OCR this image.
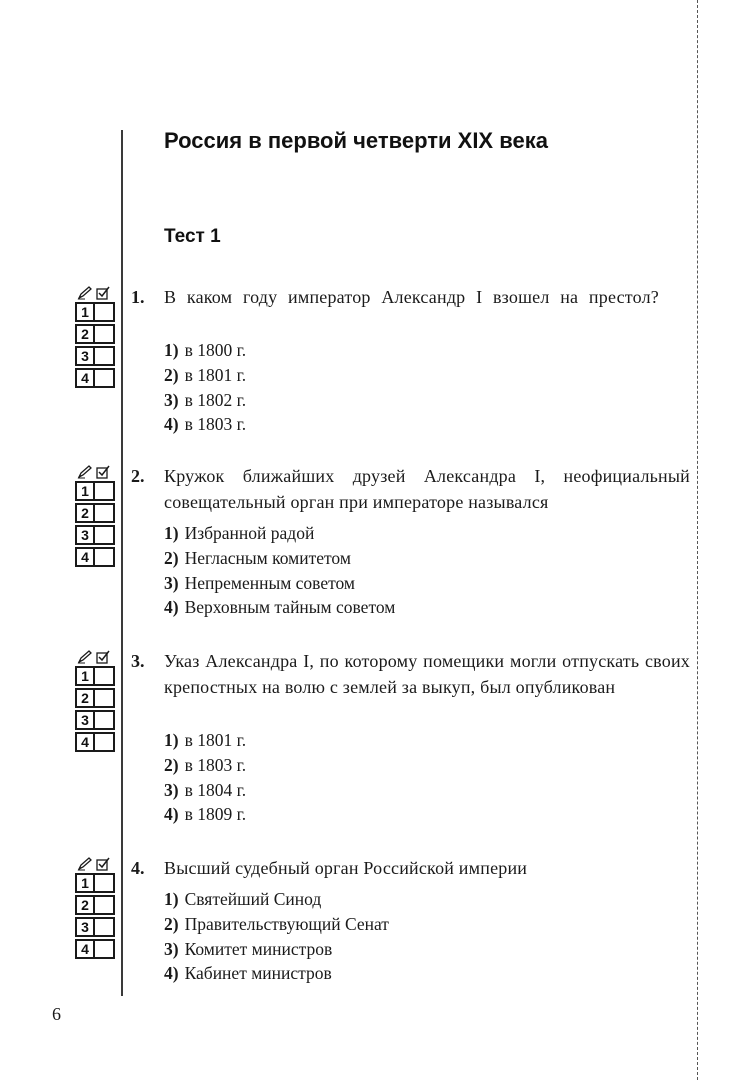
Россия в первой четверти XIX века
Тест 1
1
2
3
4
1. В каком году император Александр I взошел на престол?

1) в 1800 г.
2) в 1801 г.
3) в 1802 г.
4) в 1803 г.
1
2
3
4
2. Кружок ближайших друзей Александра I, неофициальный совещательный орган при императоре назывался

1) Избранной радой
2) Негласным комитетом
3) Непременным советом
4) Верховным тайным советом
1
2
3
4
3. Указ Александра I, по которому помещики могли отпускать своих крепостных на волю с землей за выкуп, был опубликован

1) в 1801 г.
2) в 1803 г.
3) в 1804 г.
4) в 1809 г.
1
2
3
4
4. Высший судебный орган Российской империи

1) Святейший Синод
2) Правительствующий Сенат
3) Комитет министров
4) Кабинет министров
6
